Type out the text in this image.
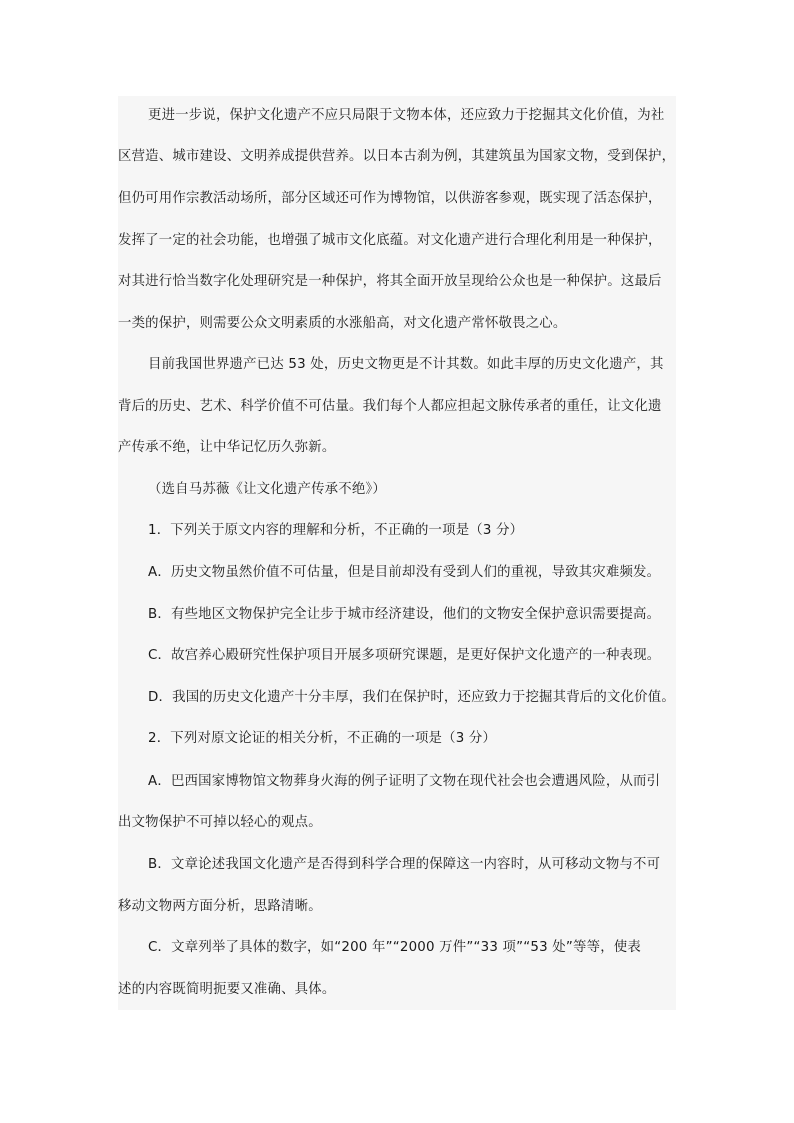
更进一步说，保护文化遗产不应只局限于文物本体，还应致力于挖掘其文化价值，为社
区营造、城市建设、文明养成提供营养。以日本古刹为例，其建筑虽为国家文物，受到保护，
但仍可用作宗教活动场所，部分区域还可作为博物馆，以供游客参观，既实现了活态保护，
发挥了一定的社会功能，也增强了城市文化底蕴。对文化遗产进行合理化利用是一种保护，
对其进行恰当数字化处理研究是一种保护，将其全面开放呈现给公众也是一种保护。这最后
一类的保护，则需要公众文明素质的水涨船高，对文化遗产常怀敬畏之心。
目前我国世界遗产已达 53 处，历史文物更是不计其数。如此丰厚的历史文化遗产，其
背后的历史、艺术、科学价值不可估量。我们每个人都应担起文脉传承者的重任，让文化遗
产传承不绝，让中华记忆历久弥新。
（选自马苏薇《让文化遗产传承不绝》）
1．下列关于原文内容的理解和分析，不正确的一项是（3 分）
A．历史文物虽然价值不可估量，但是目前却没有受到人们的重视，导致其灾难频发。
B．有些地区文物保护完全让步于城市经济建设，他们的文物安全保护意识需要提高。
C．故宫养心殿研究性保护项目开展多项研究课题，是更好保护文化遗产的一种表现。
D．我国的历史文化遗产十分丰厚，我们在保护时，还应致力于挖掘其背后的文化价值。
2．下列对原文论证的相关分析，不正确的一项是（3 分）
A．巴西国家博物馆文物葬身火海的例子证明了文物在现代社会也会遭遇风险，从而引
出文物保护不可掉以轻心的观点。
B．文章论述我国文化遗产是否得到科学合理的保障这一内容时，从可移动文物与不可
移动文物两方面分析，思路清晰。
C．文章列举了具体的数字，如“200 年”“2000 万件”“33 项”“53 处”等等，使表
述的内容既简明扼要又准确、具体。
